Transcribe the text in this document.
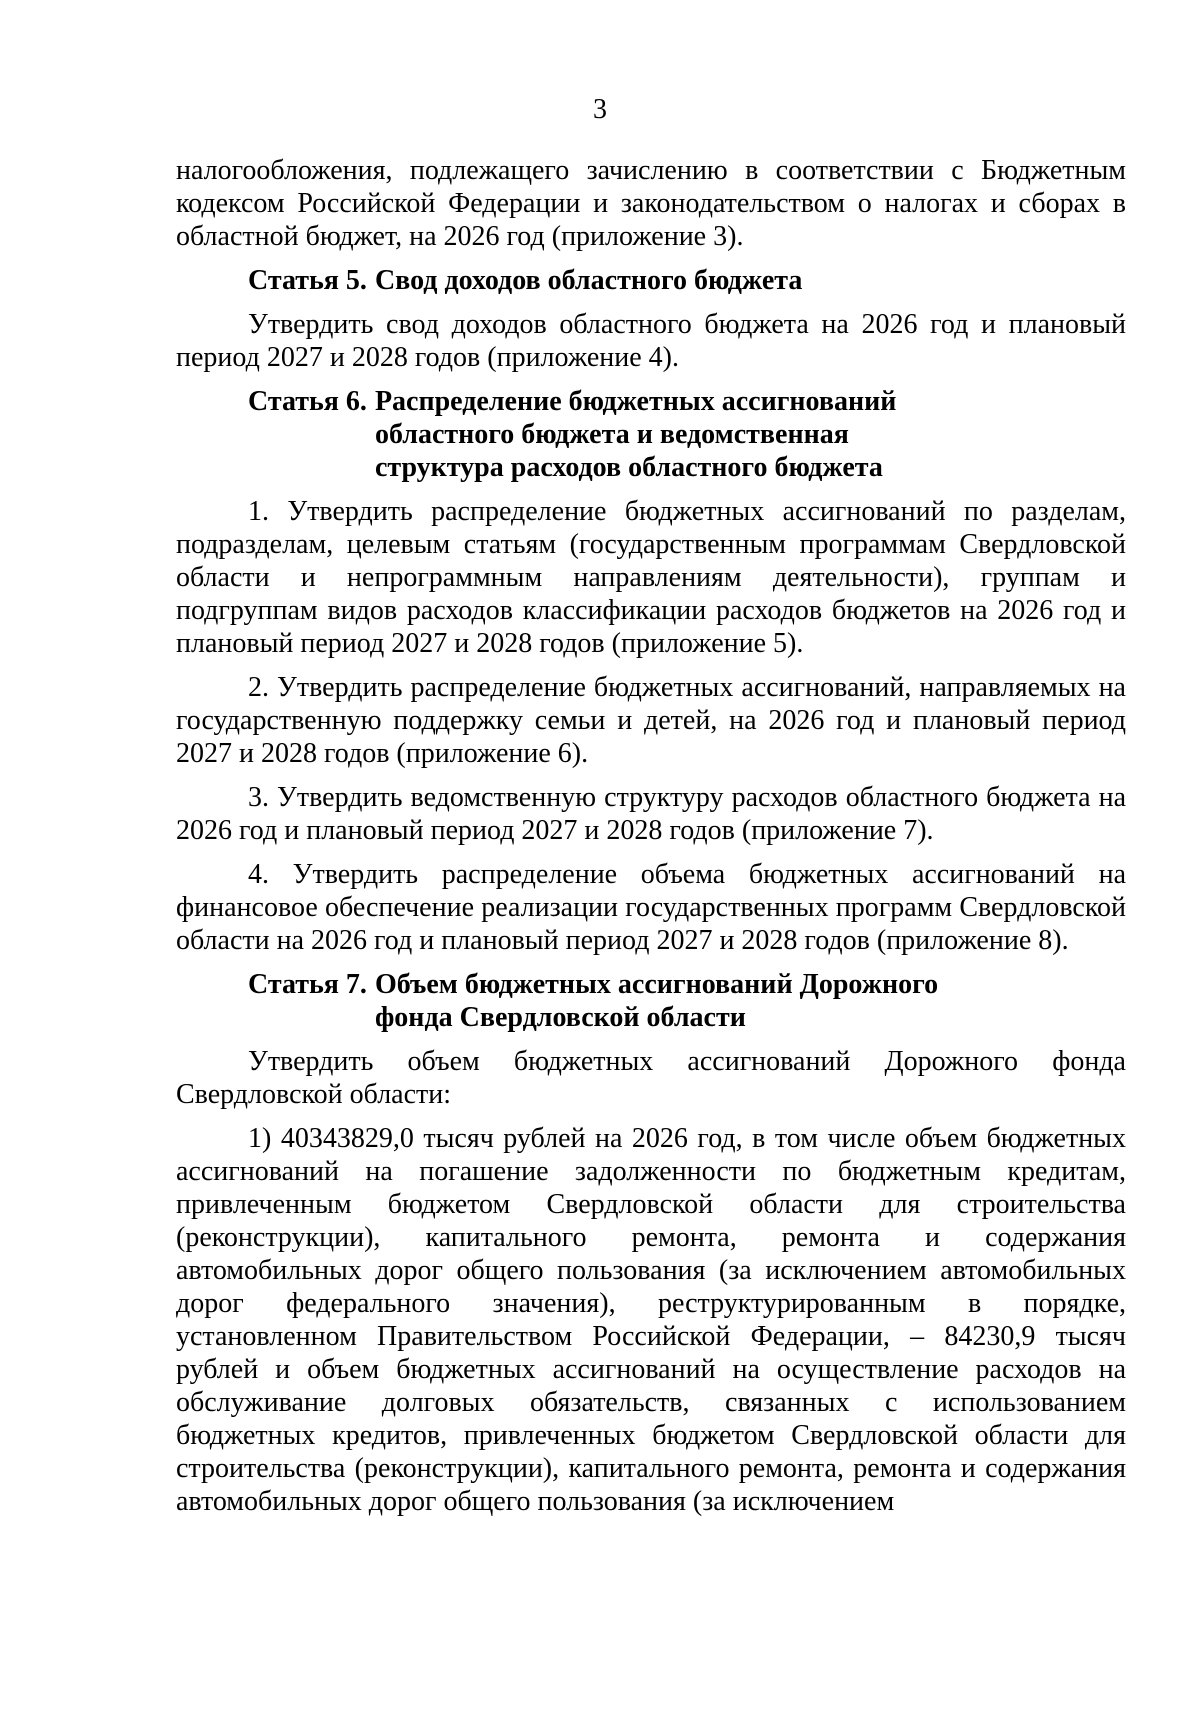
3

налогообложения, подлежащего зачислению в соответствии с Бюджетным кодексом Российской Федерации и законодательством о налогах и сборах в областной бюджет, на 2026 год (приложение 3).

Статья 5. Свод доходов областного бюджета

Утвердить свод доходов областного бюджета на 2026 год и плановый период 2027 и 2028 годов (приложение 4).

Статья 6. Распределение бюджетных ассигнований
областного бюджета и ведомственная
структура расходов областного бюджета

1. Утвердить распределение бюджетных ассигнований по разделам, подразделам, целевым статьям (государственным программам Свердловской области и непрограммным направлениям деятельности), группам и подгруппам видов расходов классификации расходов бюджетов на 2026 год и плановый период 2027 и 2028 годов (приложение 5).

2. Утвердить распределение бюджетных ассигнований, направляемых на государственную поддержку семьи и детей, на 2026 год и плановый период 2027 и 2028 годов (приложение 6).

3. Утвердить ведомственную структуру расходов областного бюджета на 2026 год и плановый период 2027 и 2028 годов (приложение 7).

4. Утвердить распределение объема бюджетных ассигнований на финансовое обеспечение реализации государственных программ Свердловской области на 2026 год и плановый период 2027 и 2028 годов (приложение 8).

Статья 7. Объем бюджетных ассигнований Дорожного
фонда Свердловской области

Утвердить объем бюджетных ассигнований Дорожного фонда Свердловской области:

1) 40343829,0 тысяч рублей на 2026 год, в том числе объем бюджетных ассигнований на погашение задолженности по бюджетным кредитам, привлеченным бюджетом Свердловской области для строительства (реконструкции), капитального ремонта, ремонта и содержания автомобильных дорог общего пользования (за исключением автомобильных дорог федерального значения), реструктурированным в порядке, установленном Правительством Российской Федерации, – 84230,9 тысяч рублей и объем бюджетных ассигнований на осуществление расходов на обслуживание долговых обязательств, связанных с использованием бюджетных кредитов, привлеченных бюджетом Свердловской области для строительства (реконструкции), капитального ремонта, ремонта и содержания автомобильных дорог общего пользования (за исключением
